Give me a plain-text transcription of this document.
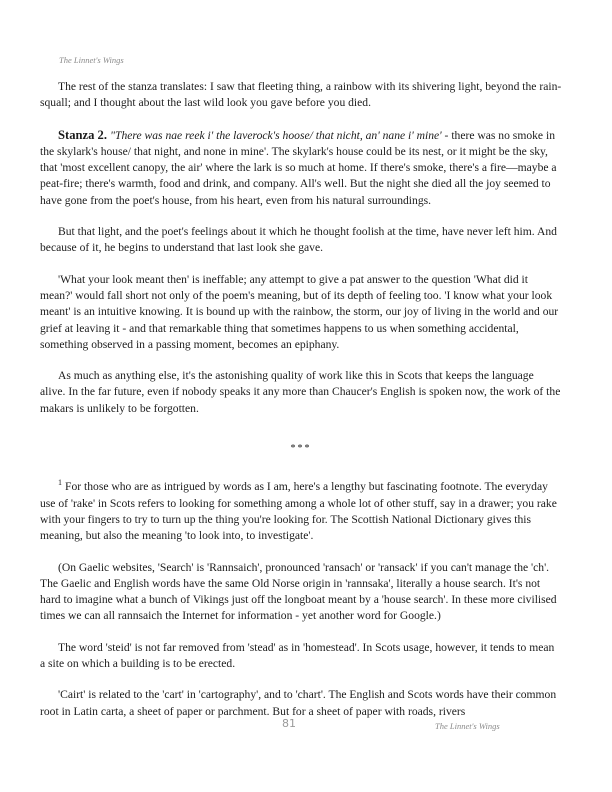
The Linnet's Wings

The rest of the stanza translates: I saw that fleeting thing, a rainbow with its shivering light, beyond the rain-squall; and I thought about the last wild look you gave before you died.

Stanza 2. "There was nae reek i' the laverock's hoose/ that nicht, an' nane i' mine' - there was no smoke in the skylark's house/ that night, and none in mine'. The skylark's house could be its nest, or it might be the sky, that 'most excellent canopy, the air' where the lark is so much at home. If there's smoke, there's a fire—maybe a peat-fire; there's warmth, food and drink, and company. All's well. But the night she died all the joy seemed to have gone from the poet's house, from his heart, even from his natural surroundings.

But that light, and the poet's feelings about it which he thought foolish at the time, have never left him. And because of it, he begins to understand that last look she gave.

'What your look meant then' is ineffable; any attempt to give a pat answer to the question 'What did it mean?' would fall short not only of the poem's meaning, but of its depth of feeling too. 'I know what your look meant' is an intuitive knowing. It is bound up with the rainbow, the storm, our joy of living in the world and our grief at leaving it - and that remarkable thing that sometimes happens to us when something accidental, something observed in a passing moment, becomes an epiphany.

As much as anything else, it's the astonishing quality of work like this in Scots that keeps the language alive. In the far future, even if nobody speaks it any more than Chaucer's English is spoken now, the work of the makars is unlikely to be forgotten.

***

$^1$ For those who are as intrigued by words as I am, here's a lengthy but fascinating footnote. The everyday use of 'rake' in Scots refers to looking for something among a whole lot of other stuff, say in a drawer; you rake with your fingers to try to turn up the thing you're looking for. The Scottish National Dictionary gives this meaning, but also the meaning 'to look into, to investigate'.

(On Gaelic websites, 'Search' is 'Rannsaich', pronounced 'ransach' or 'ransack' if you can't manage the 'ch'. The Gaelic and English words have the same Old Norse origin in 'rannsaka', literally a house search. It's not hard to imagine what a bunch of Vikings just off the longboat meant by a 'house search'. In these more civilised times we can all rannsaich the Internet for information - yet another word for Google.)

The word 'steid' is not far removed from 'stead' as in 'homestead'. In Scots usage, however, it tends to mean a site on which a building is to be erected.

'Cairt' is related to the 'cart' in 'cartography', and to 'chart'. The English and Scots words have their common root in Latin carta, a sheet of paper or parchment. But for a sheet of paper with roads, rivers

81	The Linnet's Wings
